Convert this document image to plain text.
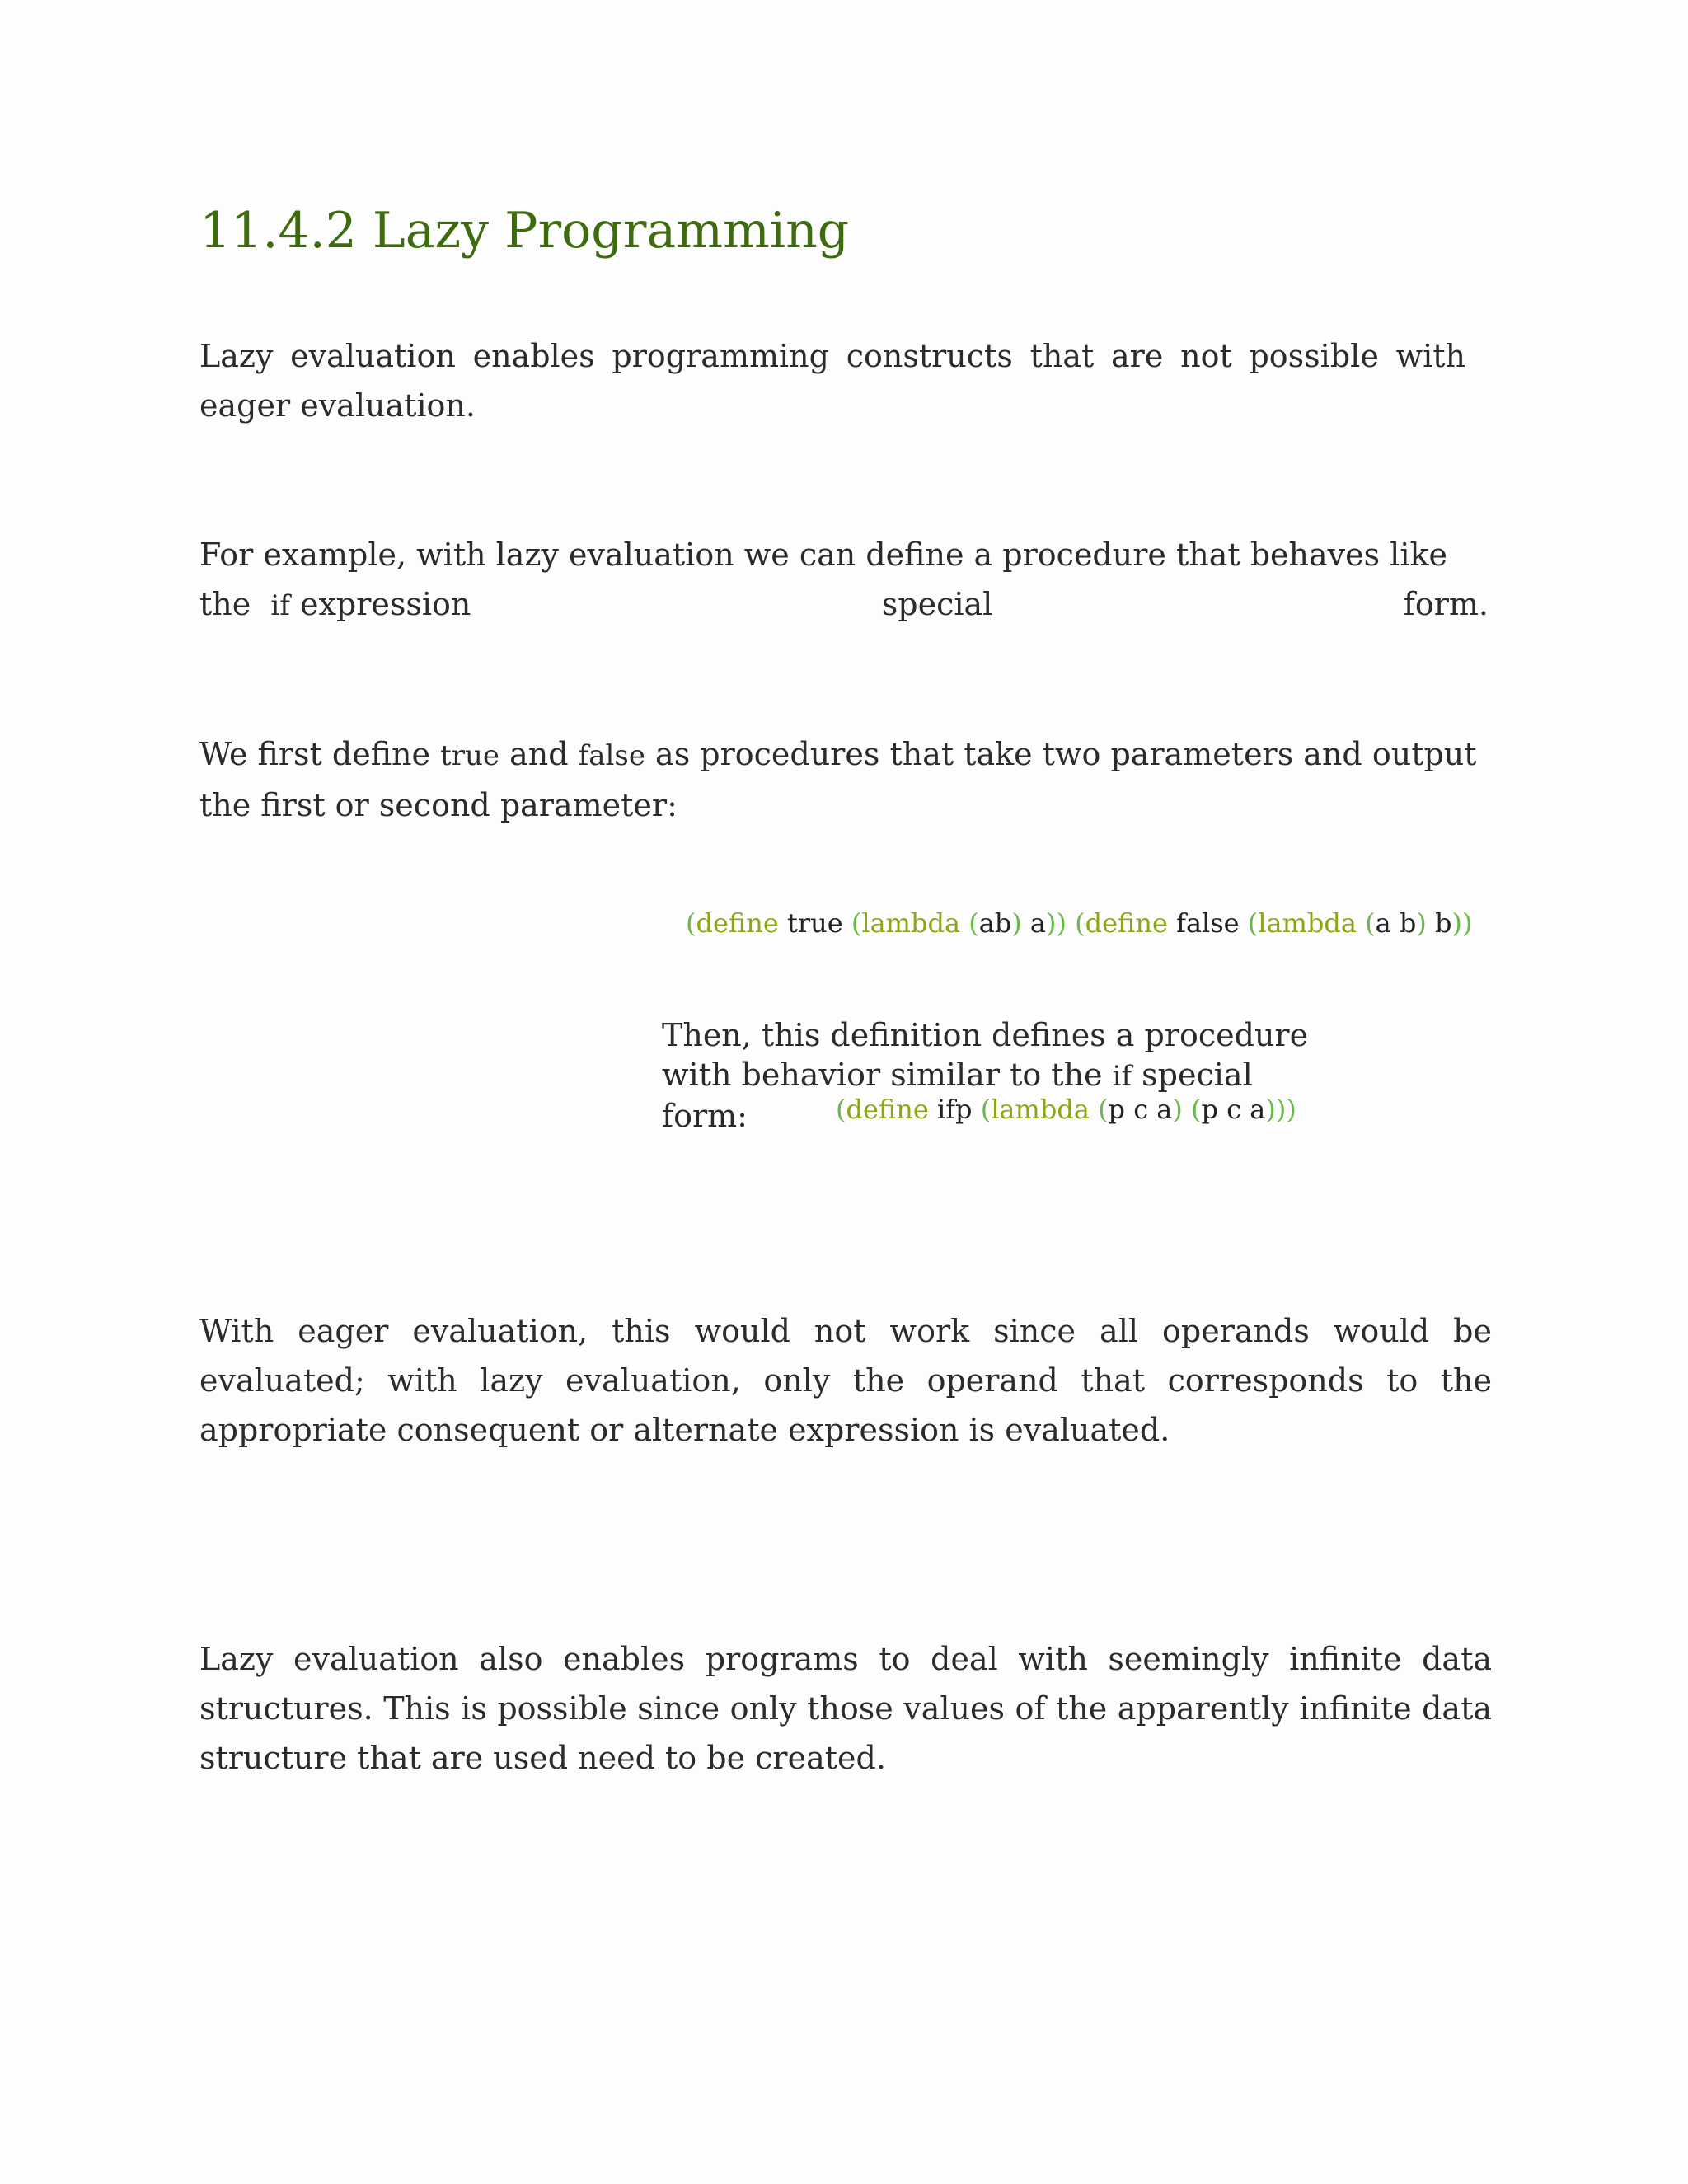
11.4.2 Lazy Programming

Lazy evaluation enables programming constructs that are not possible with eager evaluation.

For example, with lazy evaluation we can define a procedure that behaves like
the if expression	special	form.

We first define true and false as procedures that take two parameters and output the first or second parameter:

(define true (lambda (ab) a)) (define false (lambda (a b) b))

Then, this definition defines a procedure with behavior similar to the if special form:	(define ifp (lambda (p c a) (p c a)))

With eager evaluation, this would not work since all operands would be evaluated; with lazy evaluation, only the operand that corresponds to the appropriate consequent or alternate expression is evaluated.

Lazy evaluation also enables programs to deal with seemingly infinite data structures. This is possible since only those values of the apparently infinite data structure that are used need to be created.
